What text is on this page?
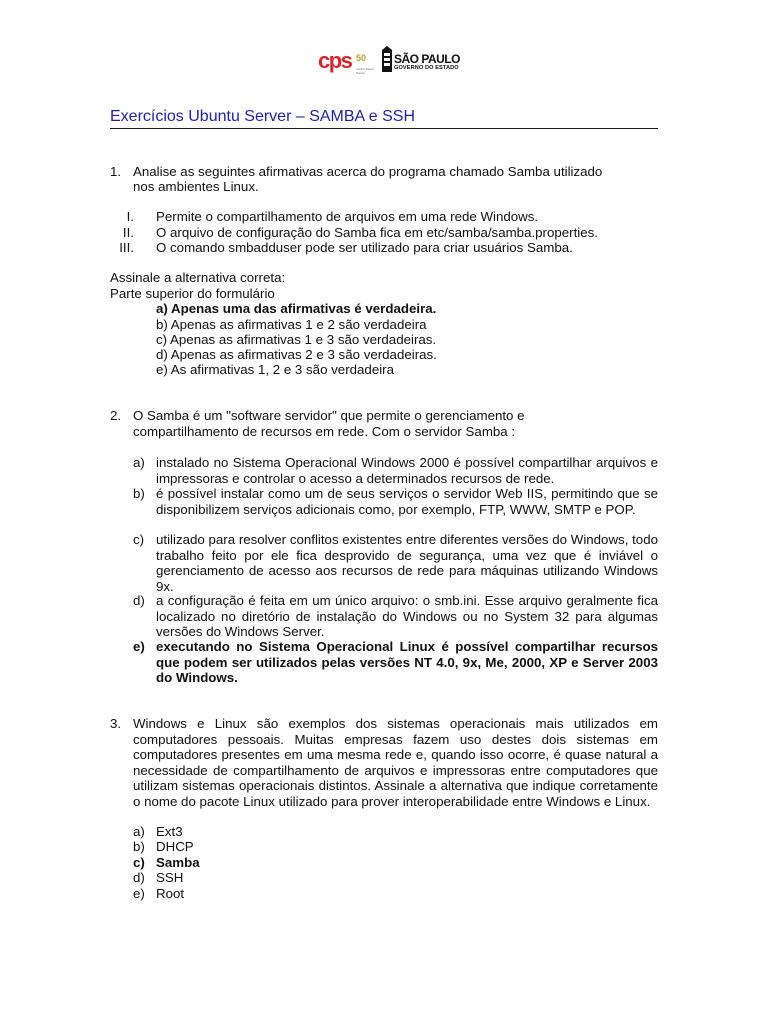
cps 50
Centro Paula Souza
SÃO PAULO
GOVERNO DO ESTADO
Exercícios Ubuntu Server – SAMBA e SSH
1. Analise as seguintes afirmativas acerca do programa chamado Samba utilizado
nos ambientes Linux.
I. Permite o compartilhamento de arquivos em uma rede Windows.
II. O arquivo de configuração do Samba fica em etc/samba/samba.properties.
III. O comando smbadduser pode ser utilizado para criar usuários Samba.
Assinale a alternativa correta:
Parte superior do formulário
a) Apenas uma das afirmativas é verdadeira.
b) Apenas as afirmativas 1 e 2 são verdadeira
c) Apenas as afirmativas 1 e 3 são verdadeiras.
d) Apenas as afirmativas 2 e 3 são verdadeiras.
e) As afirmativas 1, 2 e 3 são verdadeira
2. O Samba é um "software servidor" que permite o gerenciamento e
compartilhamento de recursos em rede. Com o servidor Samba :
a) instalado no Sistema Operacional Windows 2000 é possível compartilhar arquivos e impressoras e controlar o acesso a determinados recursos de rede.
b) é possível instalar como um de seus serviços o servidor Web IIS, permitindo que se disponibilizem serviços adicionais como, por exemplo, FTP, WWW, SMTP e POP.
c) utilizado para resolver conflitos existentes entre diferentes versões do Windows, todo trabalho feito por ele fica desprovido de segurança, uma vez que é inviável o gerenciamento de acesso aos recursos de rede para máquinas utilizando Windows 9x.
d) a configuração é feita em um único arquivo: o smb.ini. Esse arquivo geralmente fica localizado no diretório de instalação do Windows ou no System 32 para algumas versões do Windows Server.
e) executando no Sistema Operacional Linux é possível compartilhar recursos que podem ser utilizados pelas versões NT 4.0, 9x, Me, 2000, XP e Server 2003 do Windows.
3. Windows e Linux são exemplos dos sistemas operacionais mais utilizados em computadores pessoais. Muitas empresas fazem uso destes dois sistemas em computadores presentes em uma mesma rede e, quando isso ocorre, é quase natural a necessidade de compartilhamento de arquivos e impressoras entre computadores que utilizam sistemas operacionais distintos. Assinale a alternativa que indique corretamente o nome do pacote Linux utilizado para prover interoperabilidade entre Windows e Linux.
a) Ext3
b) DHCP
c) Samba
d) SSH
e) Root
